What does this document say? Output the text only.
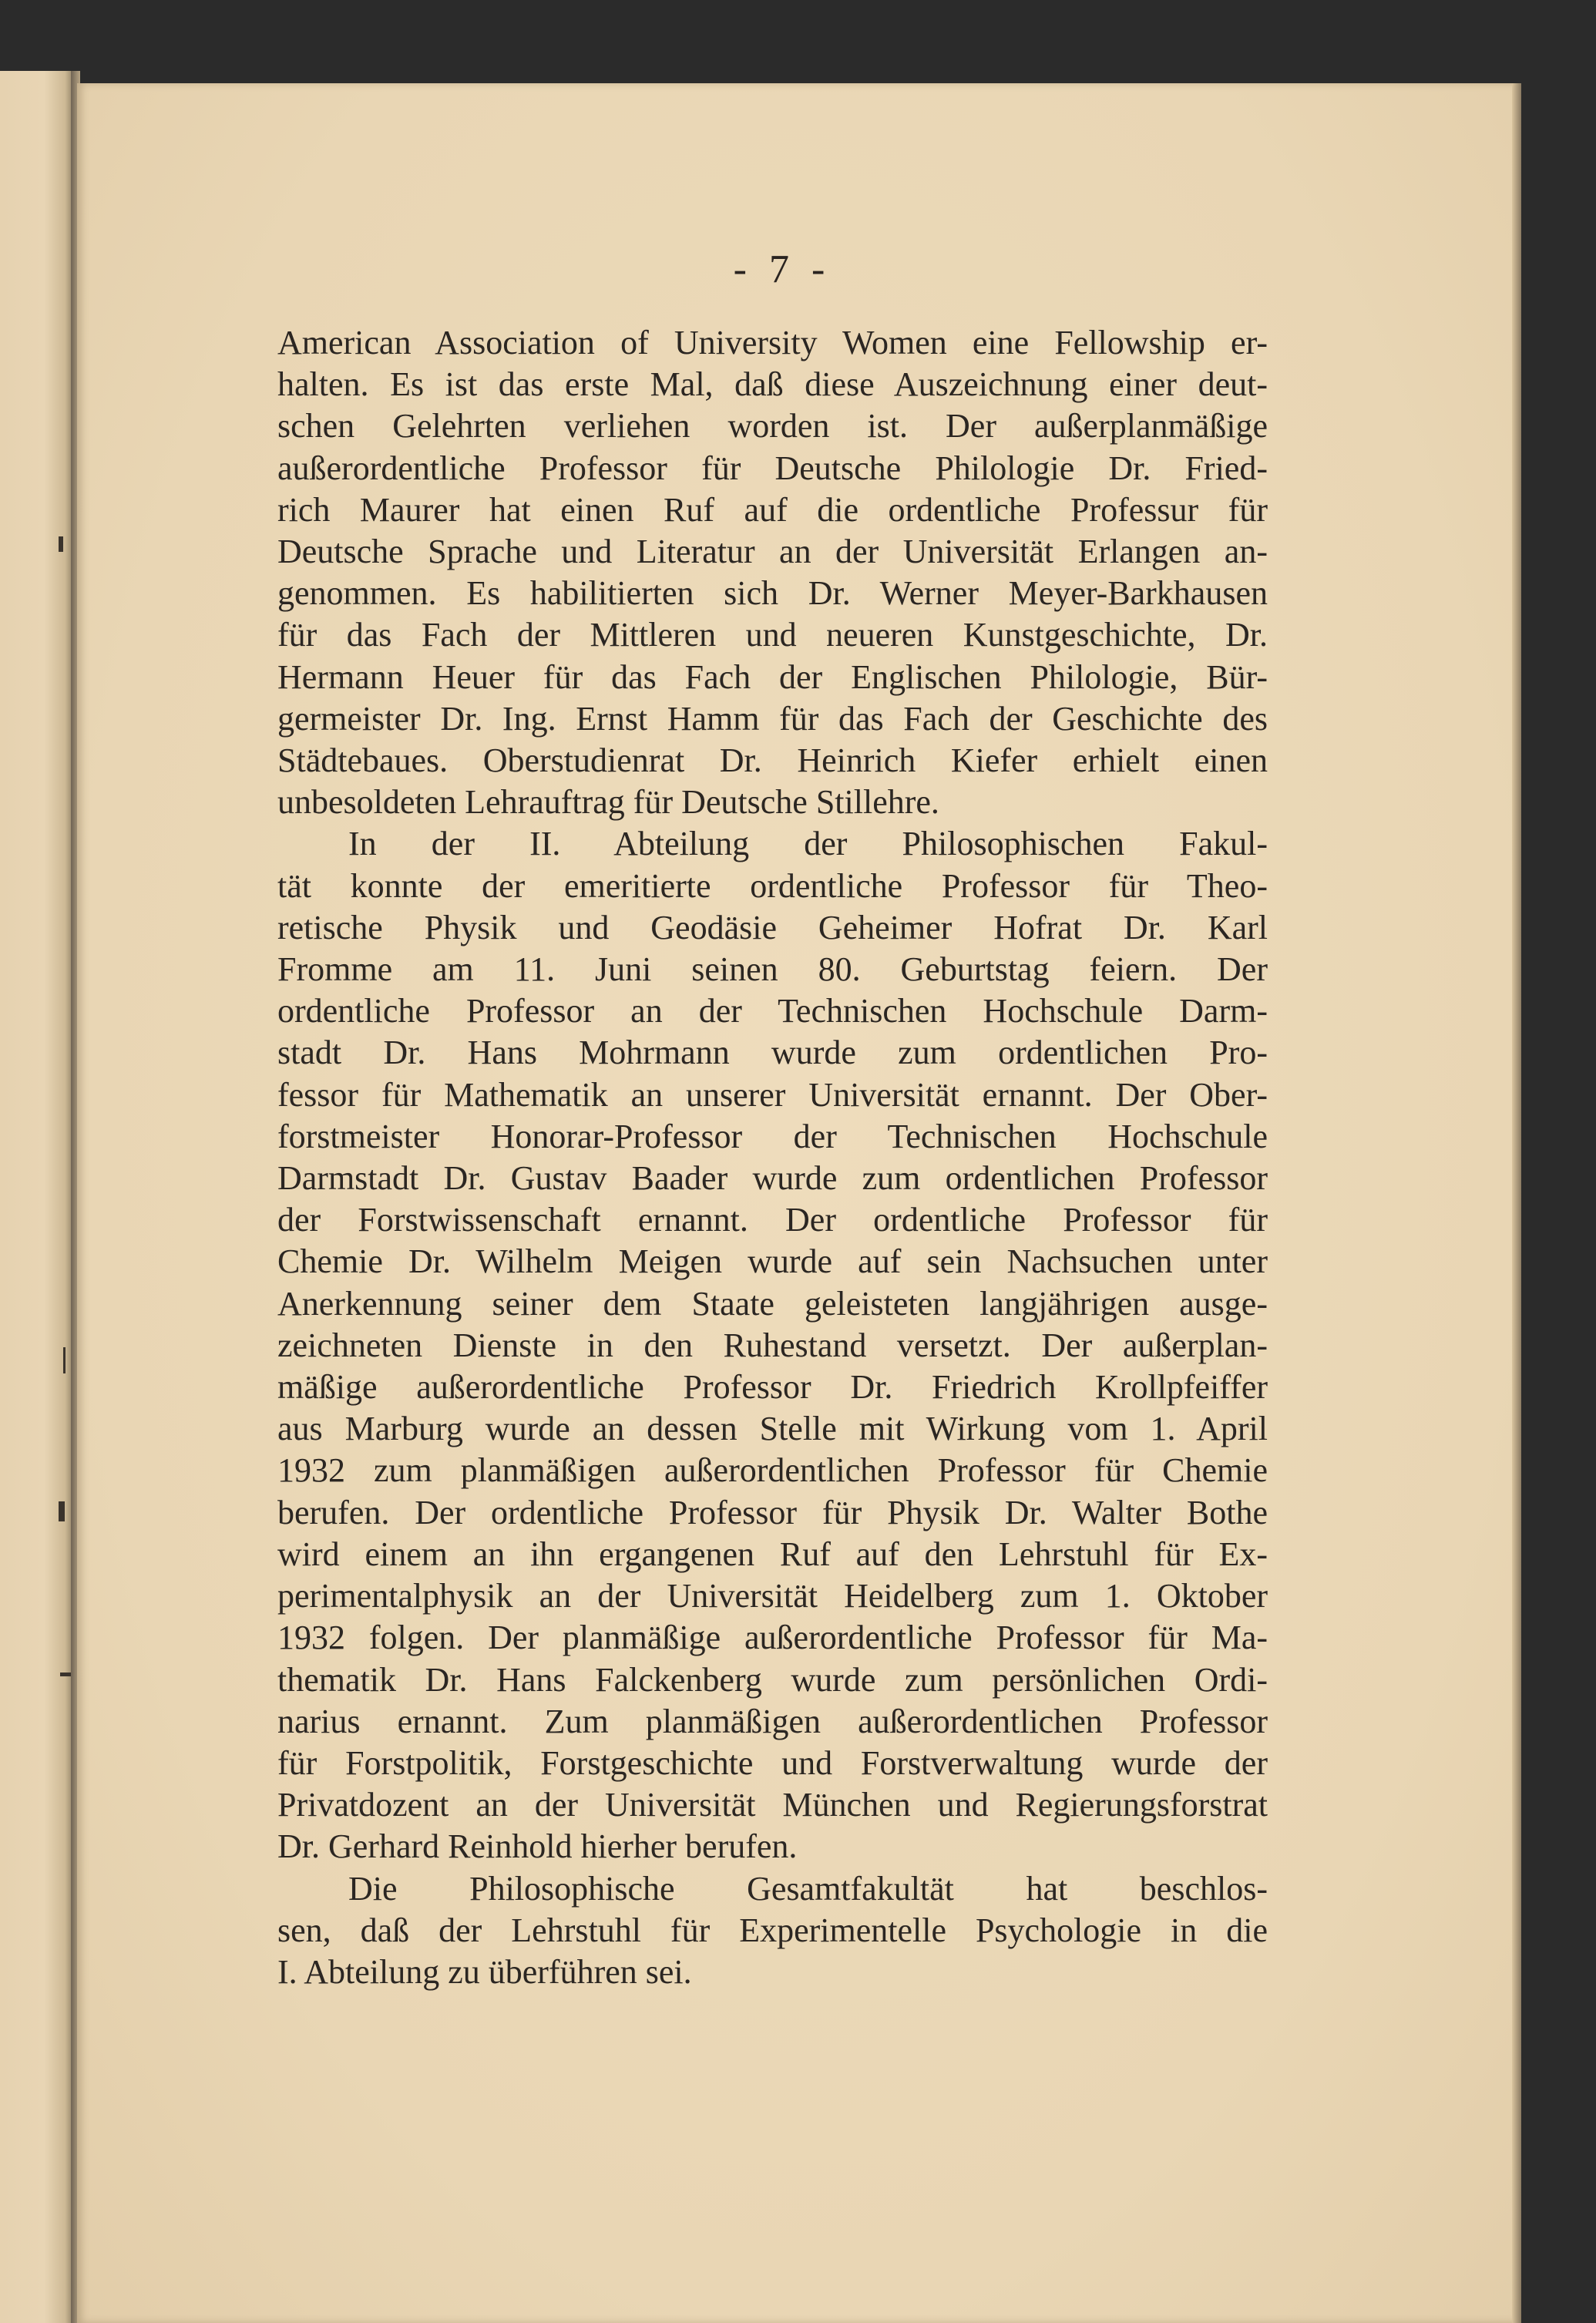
- 7 -
American Association of University Women eine Fellowship er-
halten. Es ist das erste Mal, daß diese Auszeichnung einer deut-
schen Gelehrten verliehen worden ist. Der außerplanmäßige
außerordentliche Professor für Deutsche Philologie Dr. Fried-
rich Maurer hat einen Ruf auf die ordentliche Professur für
Deutsche Sprache und Literatur an der Universität Erlangen an-
genommen. Es habilitierten sich Dr. Werner Meyer-Barkhausen
für das Fach der Mittleren und neueren Kunstgeschichte, Dr.
Hermann Heuer für das Fach der Englischen Philologie, Bür-
germeister Dr. Ing. Ernst Hamm für das Fach der Geschichte des
Städtebaues. Oberstudienrat Dr. Heinrich Kiefer erhielt einen
unbesoldeten Lehrauftrag für Deutsche Stillehre.
In der II. Abteilung der Philosophischen Fakul-
tät konnte der emeritierte ordentliche Professor für Theo-
retische Physik und Geodäsie Geheimer Hofrat Dr. Karl
Fromme am 11. Juni seinen 80. Geburtstag feiern. Der
ordentliche Professor an der Technischen Hochschule Darm-
stadt Dr. Hans Mohrmann wurde zum ordentlichen Pro-
fessor für Mathematik an unserer Universität ernannt. Der Ober-
forstmeister Honorar-Professor der Technischen Hochschule
Darmstadt Dr. Gustav Baader wurde zum ordentlichen Professor
der Forstwissenschaft ernannt. Der ordentliche Professor für
Chemie Dr. Wilhelm Meigen wurde auf sein Nachsuchen unter
Anerkennung seiner dem Staate geleisteten langjährigen ausge-
zeichneten Dienste in den Ruhestand versetzt. Der außerplan-
mäßige außerordentliche Professor Dr. Friedrich Krollpfeiffer
aus Marburg wurde an dessen Stelle mit Wirkung vom 1. April
1932 zum planmäßigen außerordentlichen Professor für Chemie
berufen. Der ordentliche Professor für Physik Dr. Walter Bothe
wird einem an ihn ergangenen Ruf auf den Lehrstuhl für Ex-
perimentalphysik an der Universität Heidelberg zum 1. Oktober
1932 folgen. Der planmäßige außerordentliche Professor für Ma-
thematik Dr. Hans Falckenberg wurde zum persönlichen Ordi-
narius ernannt. Zum planmäßigen außerordentlichen Professor
für Forstpolitik, Forstgeschichte und Forstverwaltung wurde der
Privatdozent an der Universität München und Regierungsforstrat
Dr. Gerhard Reinhold hierher berufen.
Die Philosophische Gesamtfakultät hat beschlos-
sen, daß der Lehrstuhl für Experimentelle Psychologie in die
I. Abteilung zu überführen sei.
